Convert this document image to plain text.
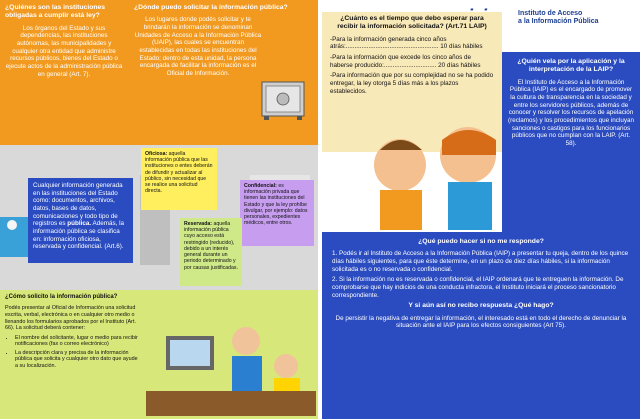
¿Quiénes son las instituciones obligadas a cumplir está ley?
Los órganos del Estado y sus dependencias, las instituciones autónomas, las municipalidades y cualquier otra entidad que administre recursos públicos, bienes del Estado o ejecute actos de la administración pública en general (Art. 7).
¿Dónde puedo solicitar la información pública?
Los lugares donde podés solicitar y te brindarán la información se denominan Unidades de Acceso a la Información Pública (UAIP), las cuales se encuentran establecidas en todas las instituciones del Estado; dentro de esta unidad, la persona encargada de facilitar la información es el Oficial de Información.
Cualquier información generada en las instituciones del Estado como: documentos, archivos, datos, bases de datos, comunicaciones y todo tipo de registros es pública. Además, la información pública se clasifica en: información oficiosa, reservada y confidencial. (Art.6).
Oficiosa: aquella información pública que las instituciones o entes deberán de difundir y actualizar al público, sin necesidad que se realice una solicitud directa.
Confidencial: es información privada que tienen las instituciones del Estado y que la ley prohíbe divulgar, por ejemplo: datos personales, expedientes médicos, entre otros.
Reservada: aquella información pública cuyo acceso está restringido (reducido), debido a un interés general durante un periodo determinado y por causas justificadas.
¿Cómo solicito la información pública?
Podés presentar al Oficial de Información una solicitud escrita, verbal, electrónica o en cualquier otro medio o llenando los formularios aprobados por el Instituto (Art. 66). La solicitud deberá contener:
• El nombre del solicitante, lugar o medio para recibir notificaciones (fax o correo electrónico)
• La descripción clara y precisa de la información pública que solicita y cualquier otro dato que ayude a su localización.
Instituto de Acceso
a la Información Pública
¿Cuánto es el tiempo que debo esperar para recibir la información solicitada? (Art.71 LAIP)
-Para la información generada cinco años atrás:..................................................... 10 días hábiles
-Para la información que excede los cinco años de haberse producido:.............................. 20 días hábiles
-Para información que por su complejidad no se ha podido entregar, la ley otorga 5 días más a los plazos establecidos.
¿Quién vela por la aplicación y la interpretación de la LAIP?
El Instituto de Acceso a la Información Pública (IAIP) es el encargado de promover la cultura de transparencia en la sociedad y entre los servidores públicos, además de conocer y resolver los recursos de apelación (reclamos) y los procedimientos que incluyan sanciones o castigos para los funcionarios públicos que no cumplan con la LAIP. (Art. 58).
¿Qué puedo hacer si no me responde?
1. Podés ir al Instituto de Acceso a la Información Pública (IAIP) a presentar tu queja, dentro de los quince días hábiles siguientes, para que éste determine, en un plazo de diez días hábiles, si la información solicitada es o no reservada o confidencial.
2. Si la información no es reservada o confidencial, el IAIP ordenará que te entreguen la información. De comprobarse que hay indicios de una conducta infractora, el Instituto iniciará el proceso sancionatorio correspondiente.
Y si aún así no recibo respuesta ¿Qué hago?
De persistir la negativa de entregar la información, el interesado está en todo el derecho de denunciar la situación ante el IAIP para los efectos consiguientes (Art 75).
